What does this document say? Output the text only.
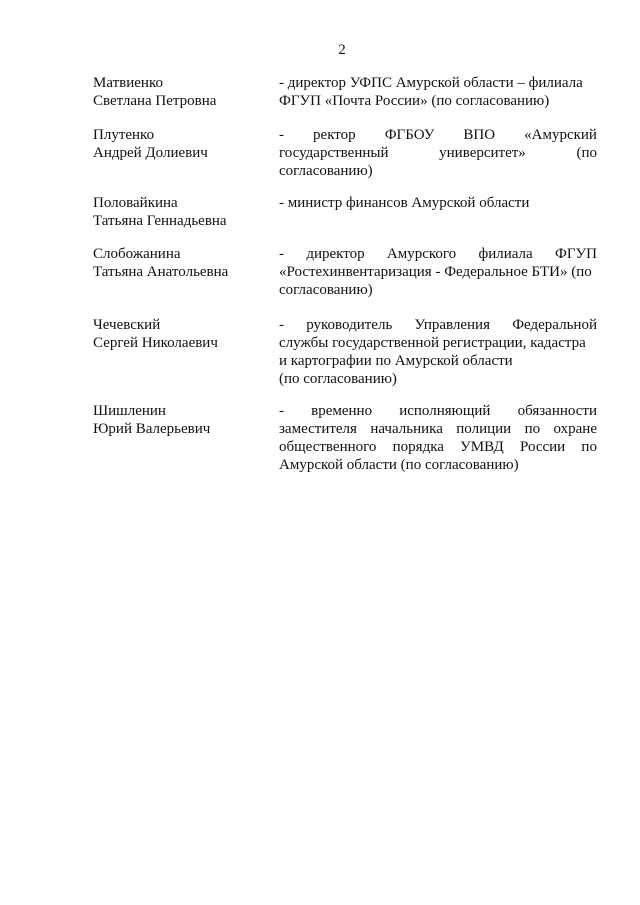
2
Матвиенко
Светлана Петровна
- директор УФПС Амурской области – филиала
ФГУП «Почта России» (по согласованию)
Плутенко
Андрей Долиевич
- ректор ФГБОУ ВПО «Амурский
государственный	университет»	(по
согласованию)
Половайкина
Татьяна Геннадьевна
- министр финансов Амурской области
Слобожанина
Татьяна Анатольевна
- директор Амурского филиала ФГУП
«Ростехинвентаризация - Федеральное БТИ» (по
согласованию)
Чечевский
Сергей Николаевич
- руководитель Управления Федеральной
службы государственной регистрации, кадастра
и картографии по Амурской области
(по согласованию)
Шишленин
Юрий Валерьевич
- временно исполняющий обязанности
заместителя начальника полиции по охране
общественного порядка УМВД России по
Амурской области (по согласованию)
